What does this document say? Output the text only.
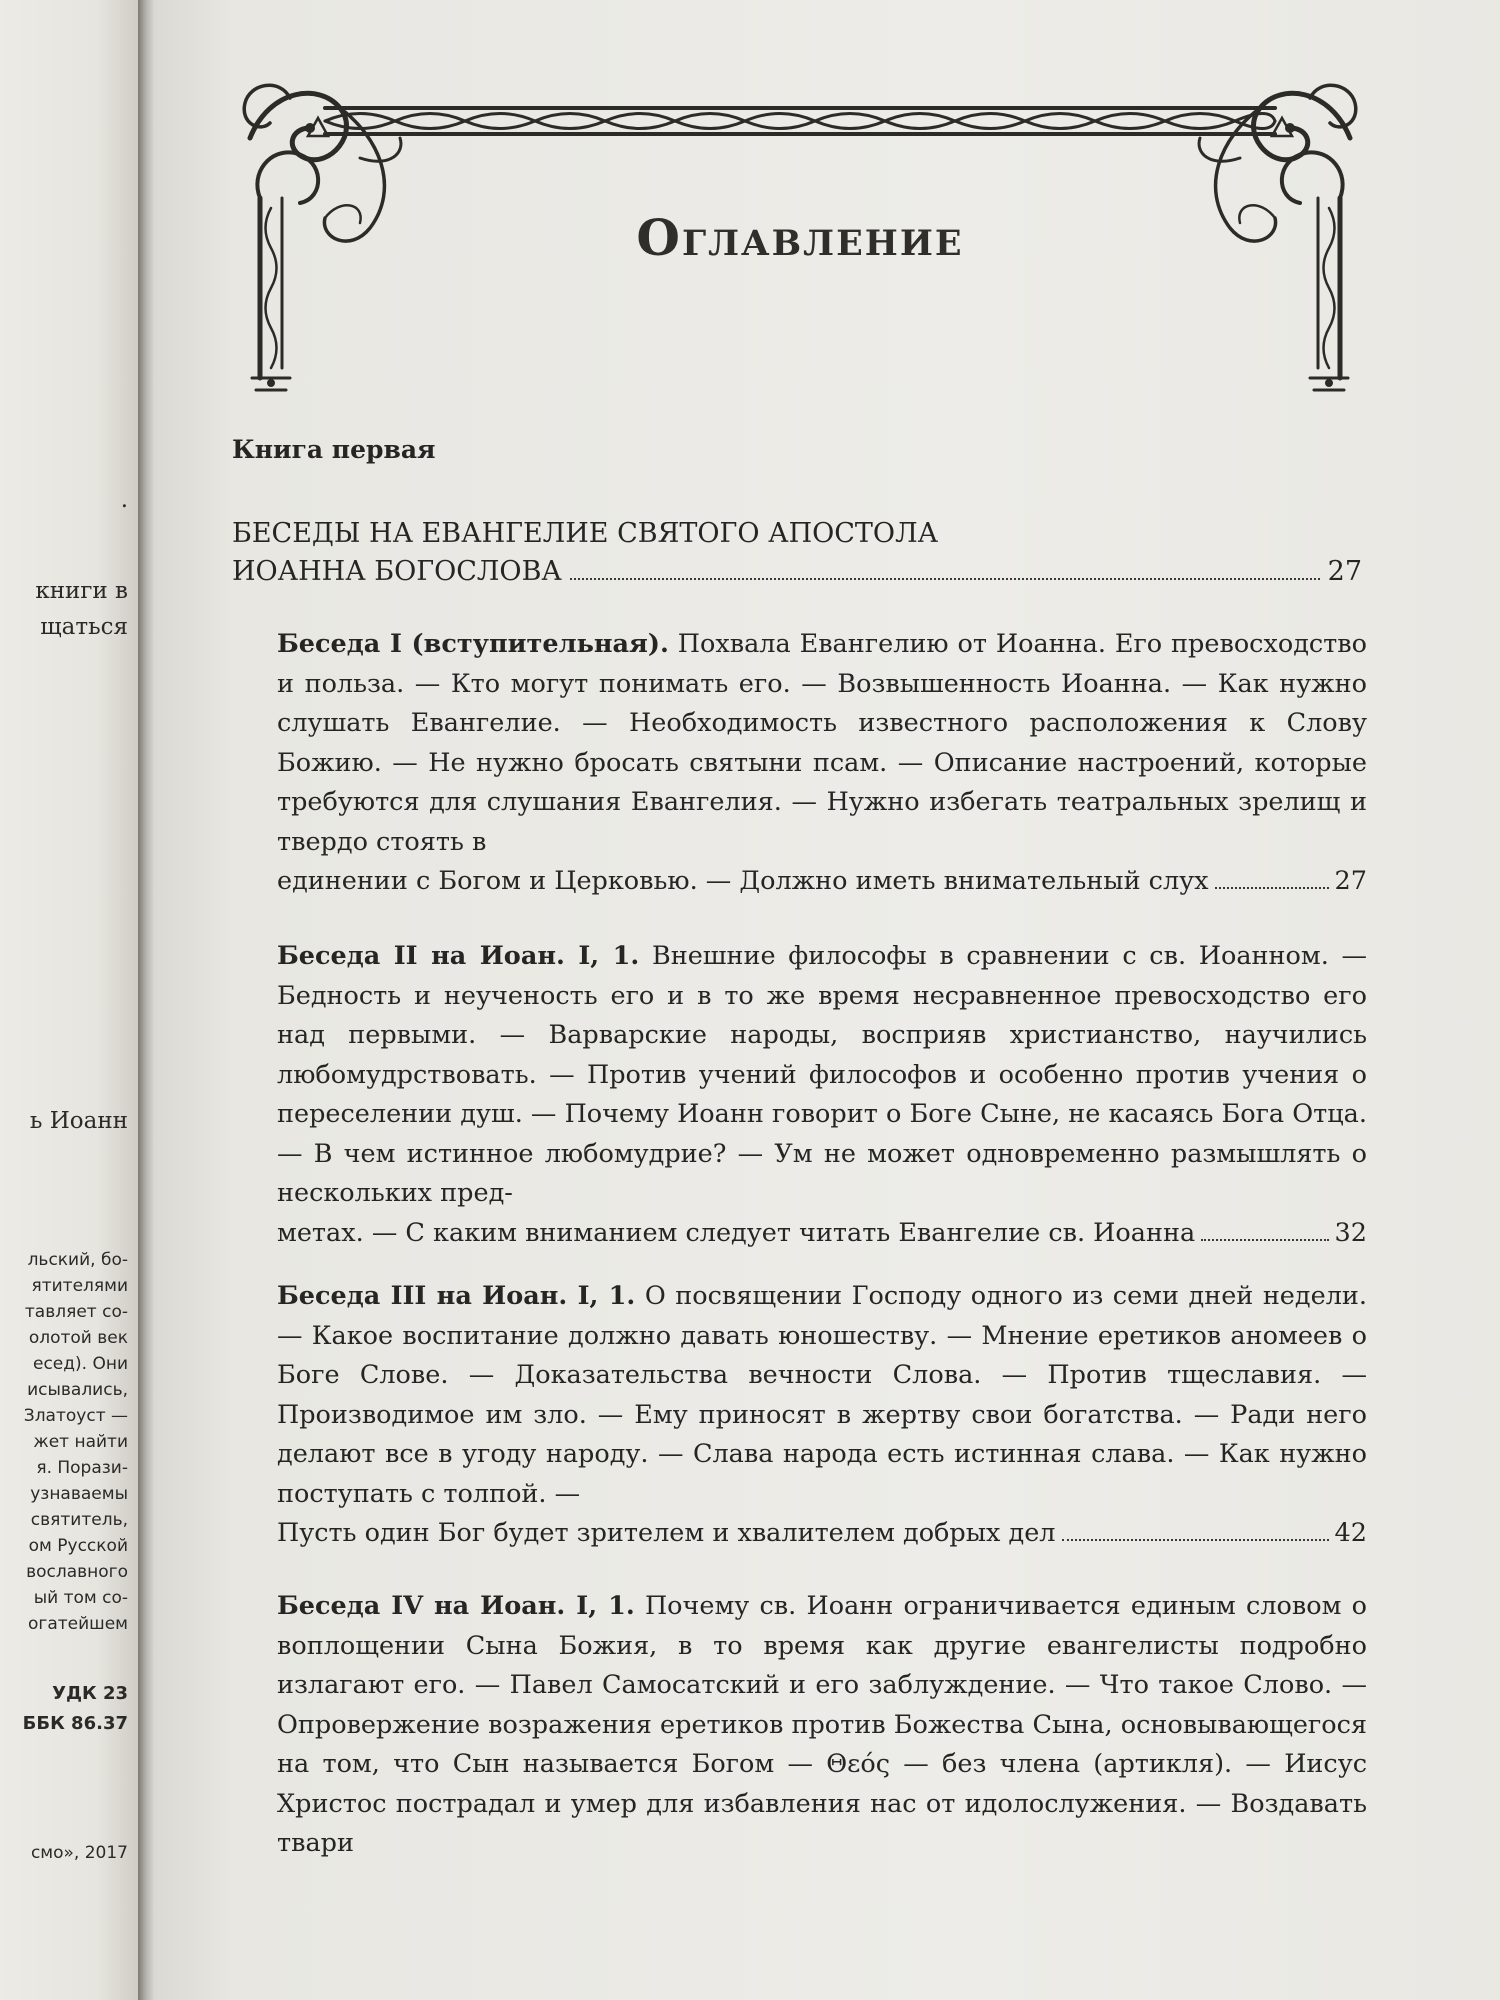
.
книги в
щаться
ь Иоанн
льский, бо-
ятителями
тавляет со-
олотой век
есед). Они
исывались,
Златоуст —
жет найти
я. Порази-
узнаваемы
святитель,
ом Русской
вославного
ый том со-
огатейшем
УДК 23
ББК 86.37
смо», 2017
Оглавление
Книга первая
БЕСЕДЫ НА ЕВАНГЕЛИЕ СВЯТОГО АПОСТОЛА
ИОАННА БОГОСЛОВА	27
Беседа I (вступительная). Похвала Евангелию от Иоанна. Его превосходство и польза. — Кто могут понимать его. — Возвышенность Иоанна. — Как нужно слушать Евангелие. — Необходимость известного расположения к Слову Божию. — Не нужно бросать святыни псам. — Описание настроений, которые требуются для слушания Евангелия. — Нужно избегать театральных зрелищ и твердо стоять в
единении с Богом и Церковью. — Должно иметь внимательный слух	27
Беседа II на Иоан. I, 1. Внешние философы в сравнении с св. Иоанном. — Бедность и неученость его и в то же время несравненное превосходство его над первыми. — Варварские народы, восприяв христианство, научились любомудрствовать. — Против учений философов и особенно против учения о переселении душ. — Почему Иоанн говорит о Боге Сыне, не касаясь Бога Отца. — В чем истинное любомудрие? — Ум не может одновременно размышлять о нескольких пред-
метах. — С каким вниманием следует читать Евангелие св. Иоанна	32
Беседа III на Иоан. I, 1. О посвящении Господу одного из семи дней недели. — Какое воспитание должно давать юношеству. — Мнение еретиков аномеев о Боге Слове. — Доказательства вечности Слова. — Против тщеславия. — Производимое им зло. — Ему приносят в жертву свои богатства. — Ради него делают все в угоду народу. — Слава народа есть истинная слава. — Как нужно поступать с толпой. —
Пусть один Бог будет зрителем и хвалителем добрых дел	42
Беседа IV на Иоан. I, 1. Почему св. Иоанн ограничивается единым словом о воплощении Сына Божия, в то время как другие евангелисты подробно излагают его. — Павел Самосатский и его заблуждение. — Что такое Слово. — Опровержение возражения еретиков против Божества Сына, основывающегося на том, что Сын называется Богом — Θεός — без члена (артикля). — Иисус Христос пострадал и умер для избавления нас от идолослужения. — Воздавать твари
